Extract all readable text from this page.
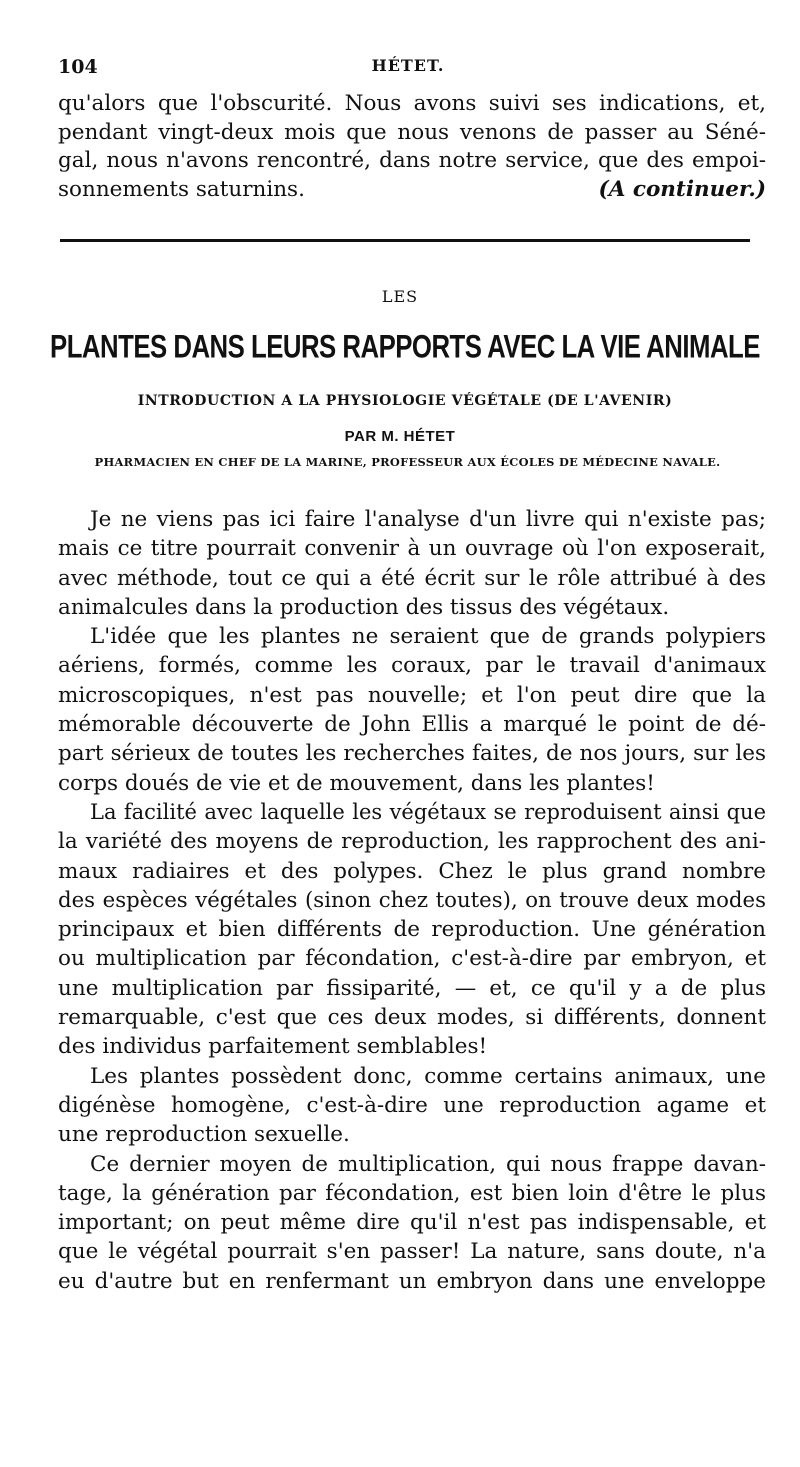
104	HÉTET.
qu'alors que l'obscurité. Nous avons suivi ses indications, et,
pendant vingt-deux mois que nous venons de passer au Séné-
gal, nous n'avons rencontré, dans notre service, que des empoi-
sonnements saturnins.	(A continuer.)
LES
PLANTES DANS LEURS RAPPORTS AVEC LA VIE ANIMALE
INTRODUCTION A LA PHYSIOLOGIE VÉGÉTALE (DE L'AVENIR)
PAR M. HÉTET
PHARMACIEN EN CHEF DE LA MARINE, PROFESSEUR AUX ÉCOLES DE MÉDECINE NAVALE.
Je ne viens pas ici faire l'analyse d'un livre qui n'existe pas;
mais ce titre pourrait convenir à un ouvrage où l'on exposerait,
avec méthode, tout ce qui a été écrit sur le rôle attribué à des
animalcules dans la production des tissus des végétaux.
L'idée que les plantes ne seraient que de grands polypiers
aériens, formés, comme les coraux, par le travail d'animaux
microscopiques, n'est pas nouvelle; et l'on peut dire que la
mémorable découverte de John Ellis a marqué le point de dé-
part sérieux de toutes les recherches faites, de nos jours, sur les
corps doués de vie et de mouvement, dans les plantes!
La facilité avec laquelle les végétaux se reproduisent ainsi que
la variété des moyens de reproduction, les rapprochent des ani-
maux radiaires et des polypes. Chez le plus grand nombre
des espèces végétales (sinon chez toutes), on trouve deux modes
principaux et bien différents de reproduction. Une génération
ou multiplication par fécondation, c'est-à-dire par embryon, et
une multiplication par fissiparité, — et, ce qu'il y a de plus
remarquable, c'est que ces deux modes, si différents, donnent
des individus parfaitement semblables!
Les plantes possèdent donc, comme certains animaux, une
digénèse homogène, c'est-à-dire une reproduction agame et
une reproduction sexuelle.
Ce dernier moyen de multiplication, qui nous frappe davan-
tage, la génération par fécondation, est bien loin d'être le plus
important; on peut même dire qu'il n'est pas indispensable, et
que le végétal pourrait s'en passer! La nature, sans doute, n'a
eu d'autre but en renfermant un embryon dans une enveloppe
